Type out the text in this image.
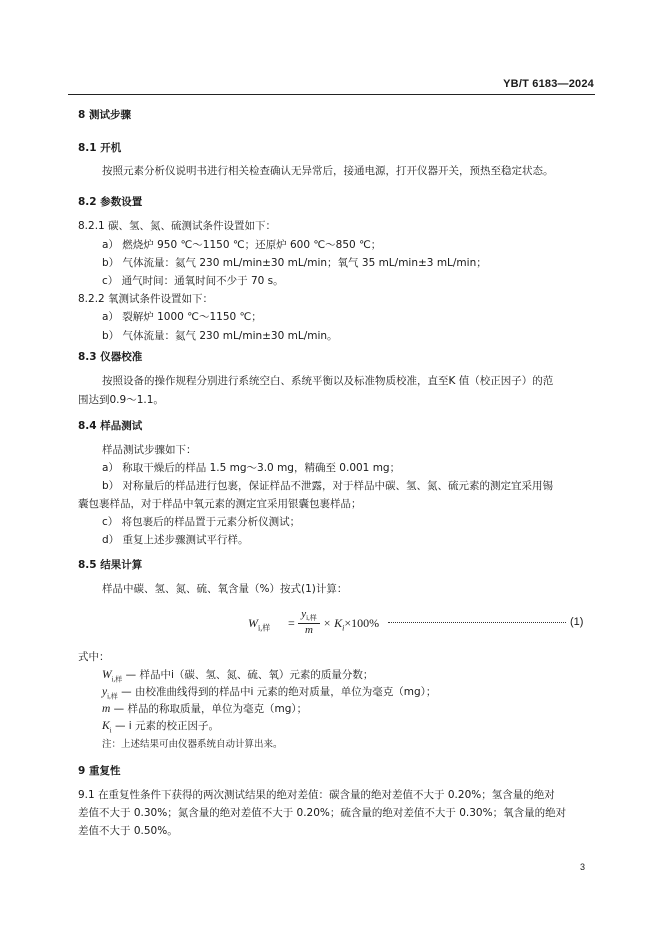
YB/T 6183—2024
8 测试步骤
8.1 开机
按照元素分析仪说明书进行相关检查确认无异常后，接通电源，打开仪器开关，预热至稳定状态。
8.2 参数设置
8.2.1 碳、氢、氮、硫测试条件设置如下：
a） 燃烧炉 950 ℃～1150 ℃；还原炉 600 ℃～850 ℃；
b） 气体流量：氦气 230 mL/min±30 mL/min；氧气 35 mL/min±3 mL/min；
c） 通气时间：通氧时间不少于 70 s。
8.2.2 氧测试条件设置如下：
a） 裂解炉 1000 ℃～1150 ℃；
b） 气体流量：氦气 230 mL/min±30 mL/min。
8.3 仪器校准
按照设备的操作规程分别进行系统空白、系统平衡以及标准物质校准，直至K 值（校正因子）的范
围达到0.9～1.1。
8.4 样品测试
样品测试步骤如下：
a） 称取干燥后的样品 1.5 mg～3.0 mg，精确至 0.001 mg；
b） 对称量后的样品进行包裹，保证样品不泄露，对于样品中碳、氢、氮、硫元素的测定宜采用锡
囊包裹样品，对于样品中氧元素的测定宜采用银囊包裹样品；
c） 将包裹后的样品置于元素分析仪测试；
d） 重复上述步骤测试平行样。
8.5 结果计算
样品中碳、氢、氮、硫、氧含量（%）按式(1)计算：
$W_{i,样}$ =
$y_{i,样}$
$m \times K_i\times 100\%$	(1)
式中：
$W_{i,样}$ — 样品中i（碳、氢、氮、硫、氧）元素的质量分数；
$y_{i,样}$ — 由校准曲线得到的样品中i 元素的绝对质量，单位为毫克（mg）；
m — 样品的称取质量，单位为毫克（mg）；
$K_i$ — i 元素的校正因子。
注：上述结果可由仪器系统自动计算出来。
9 重复性
9.1 在重复性条件下获得的两次测试结果的绝对差值：碳含量的绝对差值不大于 0.20%；氢含量的绝对
差值不大于 0.30%；氮含量的绝对差值不大于 0.20%；硫含量的绝对差值不大于 0.30%；氧含量的绝对
差值不大于 0.50%。
3
